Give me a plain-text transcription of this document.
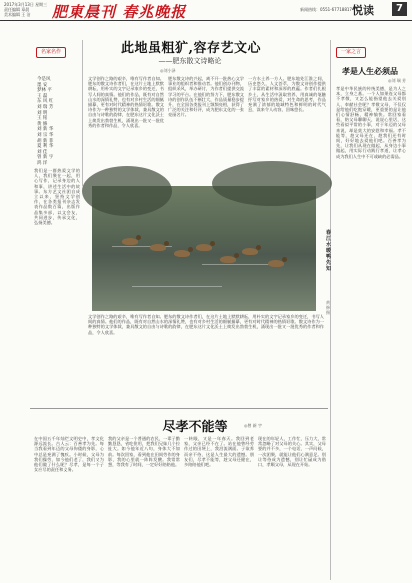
2017年3月13日 星期三
责任编辑 章晨
美术编辑 王 洁	肥東晨刊 春兆晚报	新闻热线：0551-67718817 悦读	7
名家名作
今是风
墨 安
梦林 平
王 磊
东 风 红
刘 瑞 芳
刘 明
王 铭
黄 修
刘 新 华
刘 宗 华
胡 新 菲
夏 利 华
刘 佳
曾 新 宇
鸿 洋
我们是一群热爱文学的人，我们聚在一起，用心写作，记录身边的人和事，讲述生活中的故事。东方艺文社团自成立以来，坚持文学创作，在各类报刊杂志发表作品数百篇，出版作品集多部，以文会友，共同进步，传承文化，弘扬美德。
此地虽粗犷,容存艺文心
——肥东散文诗略论
◎刘小泽
文学创作之路的艰辛，唯有写作者自知。肥东的散文诗作者们，在这片土地上默默耕耘，用朴实的文字记录家乡的变迁，书写人间的真情。他们的作品，既有对自然山水的深情礼赞，也有对乡村生活的细腻描摹，更有对时代精神的热情讴歌。散文诗作为一种独特的文学体裁，兼具散文的自由与诗歌的韵律，在肥东这片文化沃土上焕发出勃勃生机，涌现出一批又一批优秀的作者和作品，令人欣喜。
肥东散文诗的兴起，离不开一批热心文学事业的组织者和推动者。他们创办刊物，组织采风，举办研讨，为作者们提供交流学习的平台。在他们的努力下，肥东散文诗的创作队伍不断壮大，作品质量稳步提升，在全国各类报刊上频频亮相，获得了广泛的关注和好评，成为肥东文化的一张亮丽名片。
一方水土养一方人。肥东地处江淮之间，历史悠久，人文荟萃，为散文诗创作提供了丰富的素材和深厚的底蕴。作者们扎根乡土，从生活中汲取营养，用真诚的笔触抒写对家乡的热爱，对生命的思考，作品充满了浓郁的地域特色和鲜明的时代气息，读来令人动容，回味悠长。
春江水暖鸭先知
黄 修 摄
文学创作之路的艰辛，唯有写作者自知。肥东的散文诗作者们，在这片土地上默默耕耘，用朴实的文字记录家乡的变迁，书写人间的真情。他们的作品，既有对自然山水的深情礼赞，也有对乡村生活的细腻描摹，更有对时代精神的热情讴歌。散文诗作为一种独特的文学体裁，兼具散文的自由与诗歌的韵律，在肥东这片文化沃土上焕发出勃勃生机，涌现出一批又一批优秀的作者和作品，令人欣喜。
一家之言
孝是人生必须品
◎刘 瑞 芳
孝是中华民族的传统美德，是为人之本，立身之基。一个人如果连父母都不孝敬，又怎么能指望他去关爱别人、奉献社会呢？孝敬父母，不仅仅是给他们吃饱穿暖，更重要的是让他们心情舒畅，精神愉快。常回家看看，陪父母聊聊天，说说心里话，这些看似平常的小事，对于年迈的父母来说，却是莫大的安慰和幸福。孝不能等，趁父母还在，趁我们还有时间，好好地去爱他们吧。百善孝为先，让我们从现在做起，从身边小事做起，用实际行动践行孝道，让孝心成为我们人生中不可或缺的必需品。
尽孝不能等	◎曾 新 宇
在中国五千年灿烂文明史中，孝文化源远流长。古人云：百善孝为先。每当我看到年迈的父母佝偻的身影，心中总是充满了愧疚。小时候，父母为我们操劳，如今他们老了，我们又为他们做了什么呢？尽孝，是每一个子女应尽的责任和义务。
我的父亲是一个普通的农民，一辈子勤勤恳恳，省吃俭用，把我们兄妹几个拉扯大。如今他年近八旬，身体大不如前。每次回家，看到他在田间劳作的身影，我的心里就一阵阵发酸。我常常想，等我有了时间，一定好好陪陪他。
一转眼，又是一年春天。我回到老家，父亲已经不在了。站在他曾经劳作过的田埂上，我泪流满面。子欲养而亲不待，这是人生最大的遗憾。朋友们，尽孝不能等，趁父母还健在，多陪陪他们吧。
现在的年轻人，工作忙，压力大，常常忽略了对父母的关心。其实，父母要的并不多，一个电话，一声问候，一次团聚，就能让他们心满意足。别让等待成为遗憾，别让忙碌成为借口，孝顺父母，从现在开始。
